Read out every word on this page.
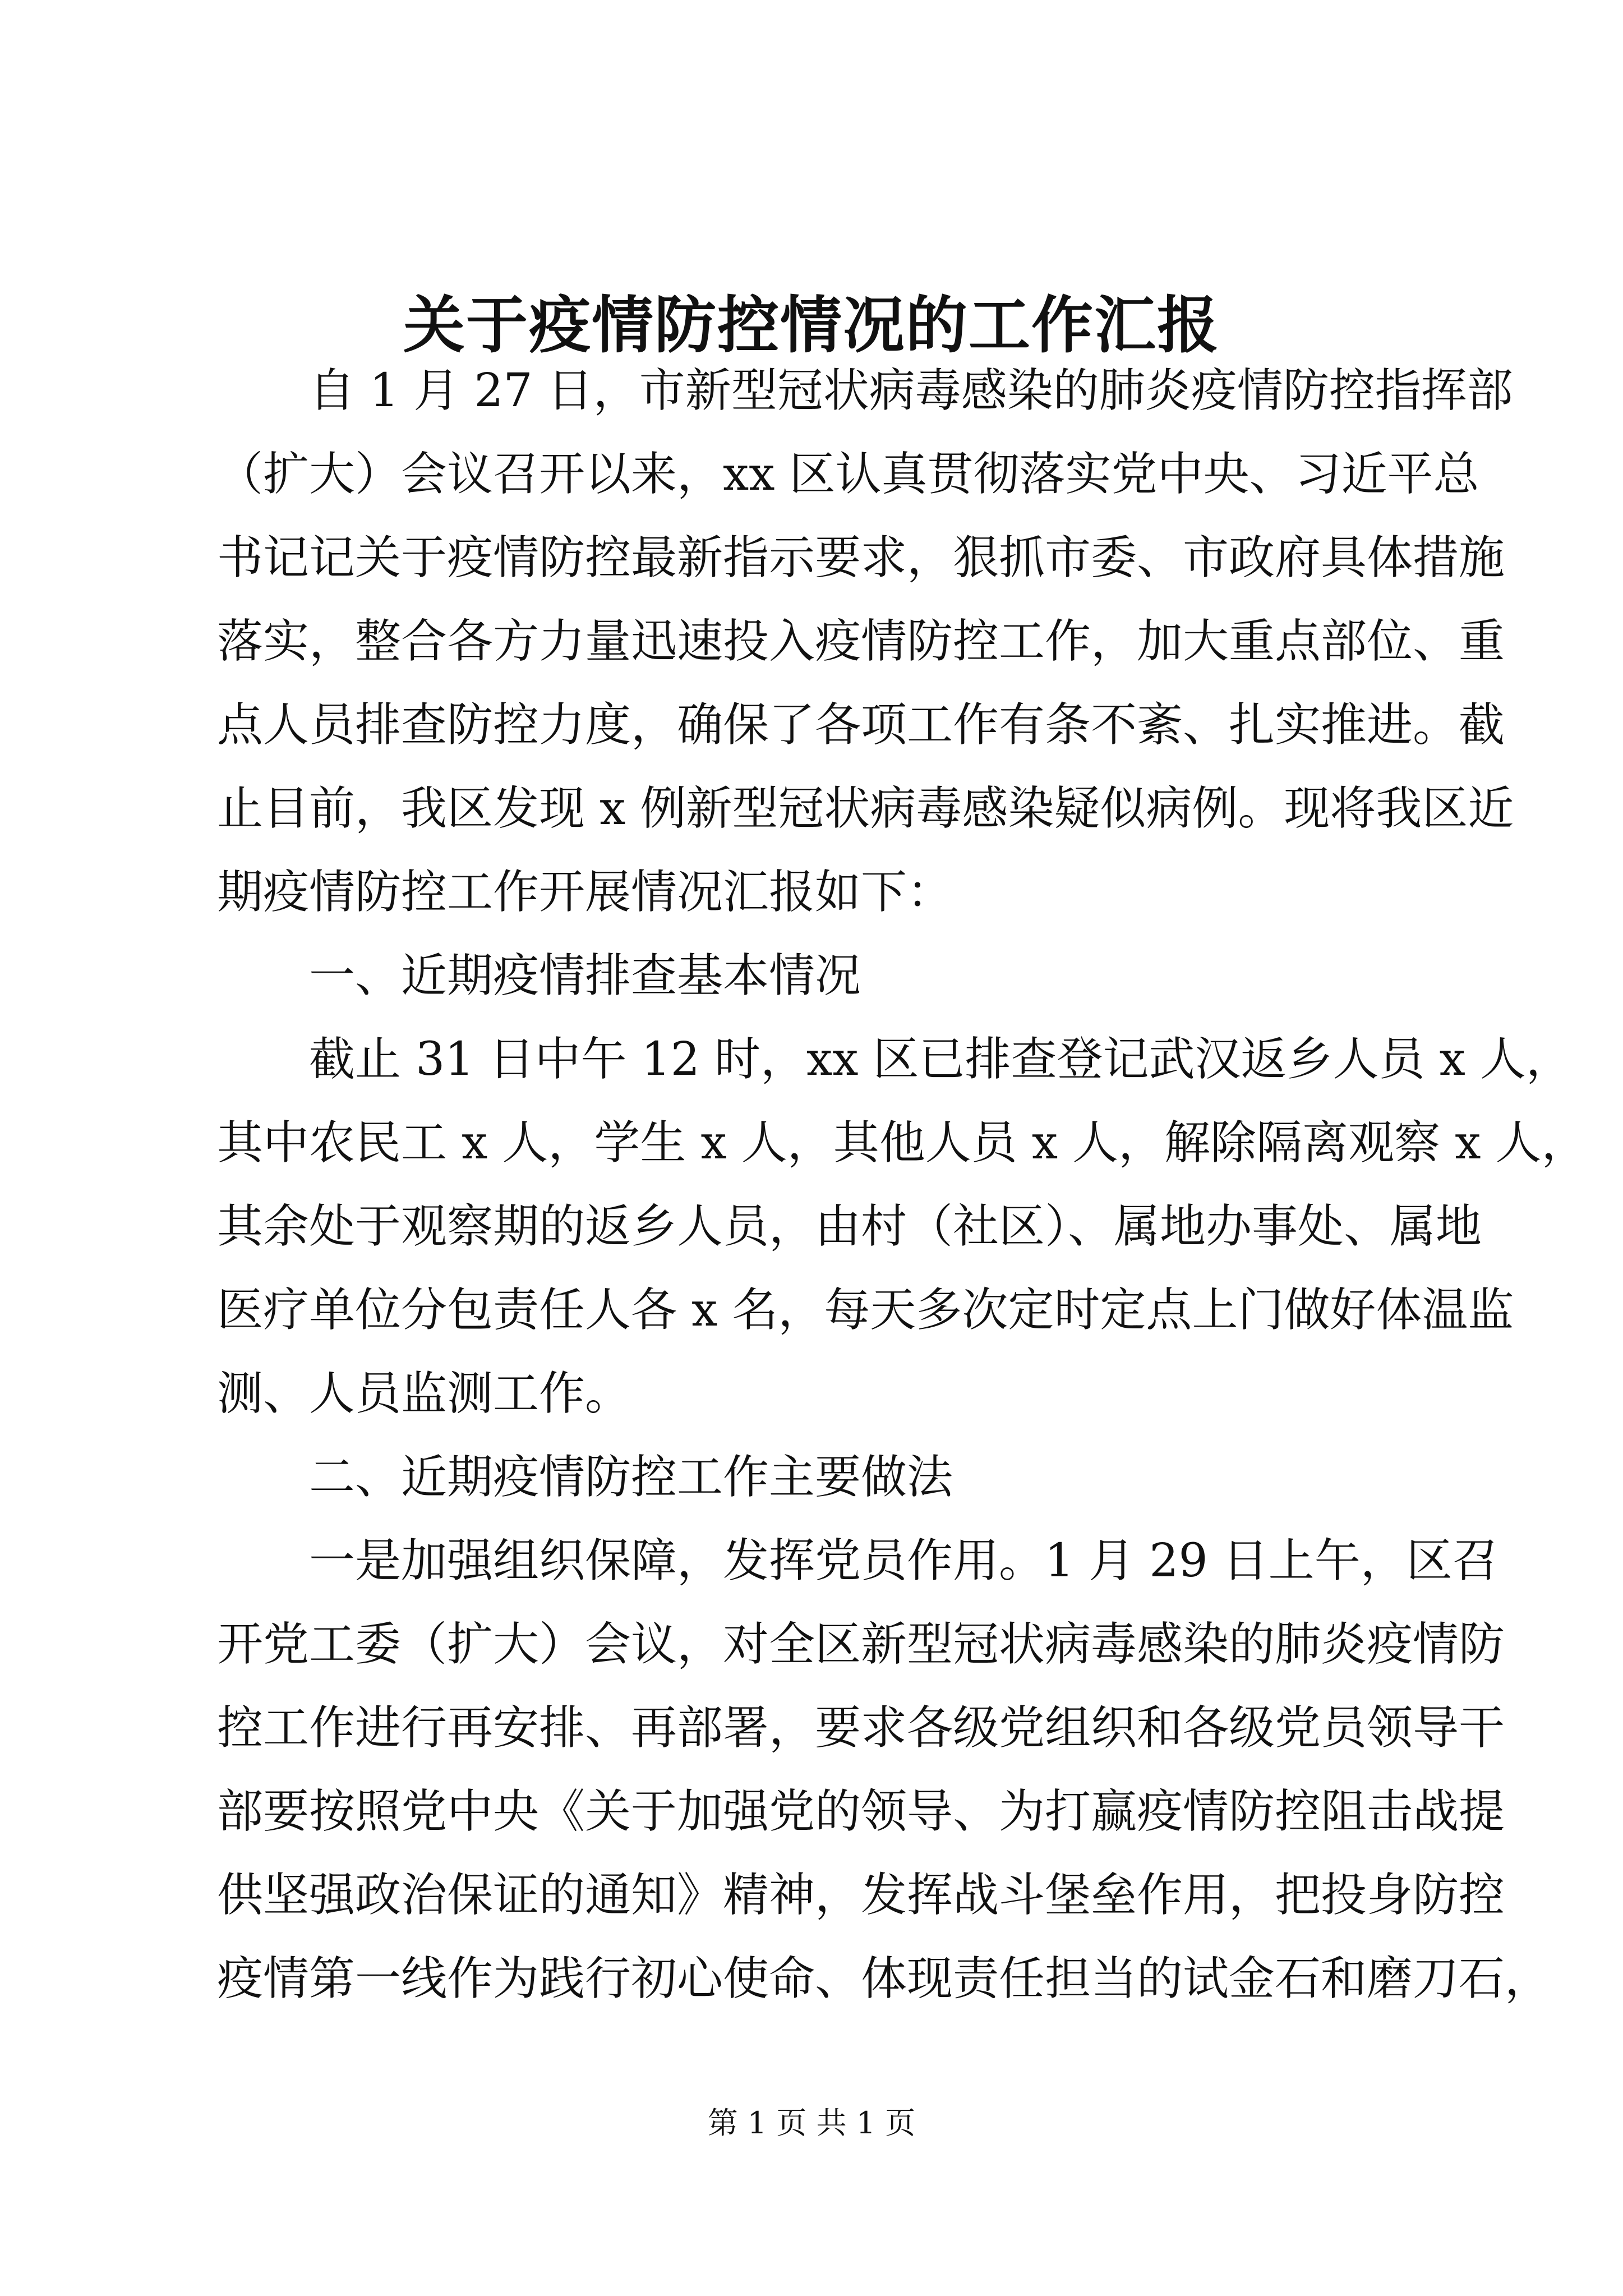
关于疫情防控情况的工作汇报
自 1 月 27 日，市新型冠状病毒感染的肺炎疫情防控指挥部
（扩大）会议召开以来，xx 区认真贯彻落实党中央、习近平总
书记记关于疫情防控最新指示要求，狠抓市委、市政府具体措施
落实，整合各方力量迅速投入疫情防控工作，加大重点部位、重
点人员排查防控力度，确保了各项工作有条不紊、扎实推进。截
止目前，我区发现 x 例新型冠状病毒感染疑似病例。现将我区近
期疫情防控工作开展情况汇报如下：
一、近期疫情排查基本情况
截止 31 日中午 12 时，xx 区已排查登记武汉返乡人员 x 人，
其中农民工 x 人，学生 x 人，其他人员 x 人，解除隔离观察 x 人，
其余处于观察期的返乡人员，由村（社区）、属地办事处、属地
医疗单位分包责任人各 x 名，每天多次定时定点上门做好体温监
测、人员监测工作。
二、近期疫情防控工作主要做法
一是加强组织保障，发挥党员作用。1 月 29 日上午，区召
开党工委（扩大）会议，对全区新型冠状病毒感染的肺炎疫情防
控工作进行再安排、再部署，要求各级党组织和各级党员领导干
部要按照党中央《关于加强党的领导、为打赢疫情防控阻击战提
供坚强政治保证的通知》精神，发挥战斗堡垒作用，把投身防控
疫情第一线作为践行初心使命、体现责任担当的试金石和磨刀石，
第 1 页 共 1 页
